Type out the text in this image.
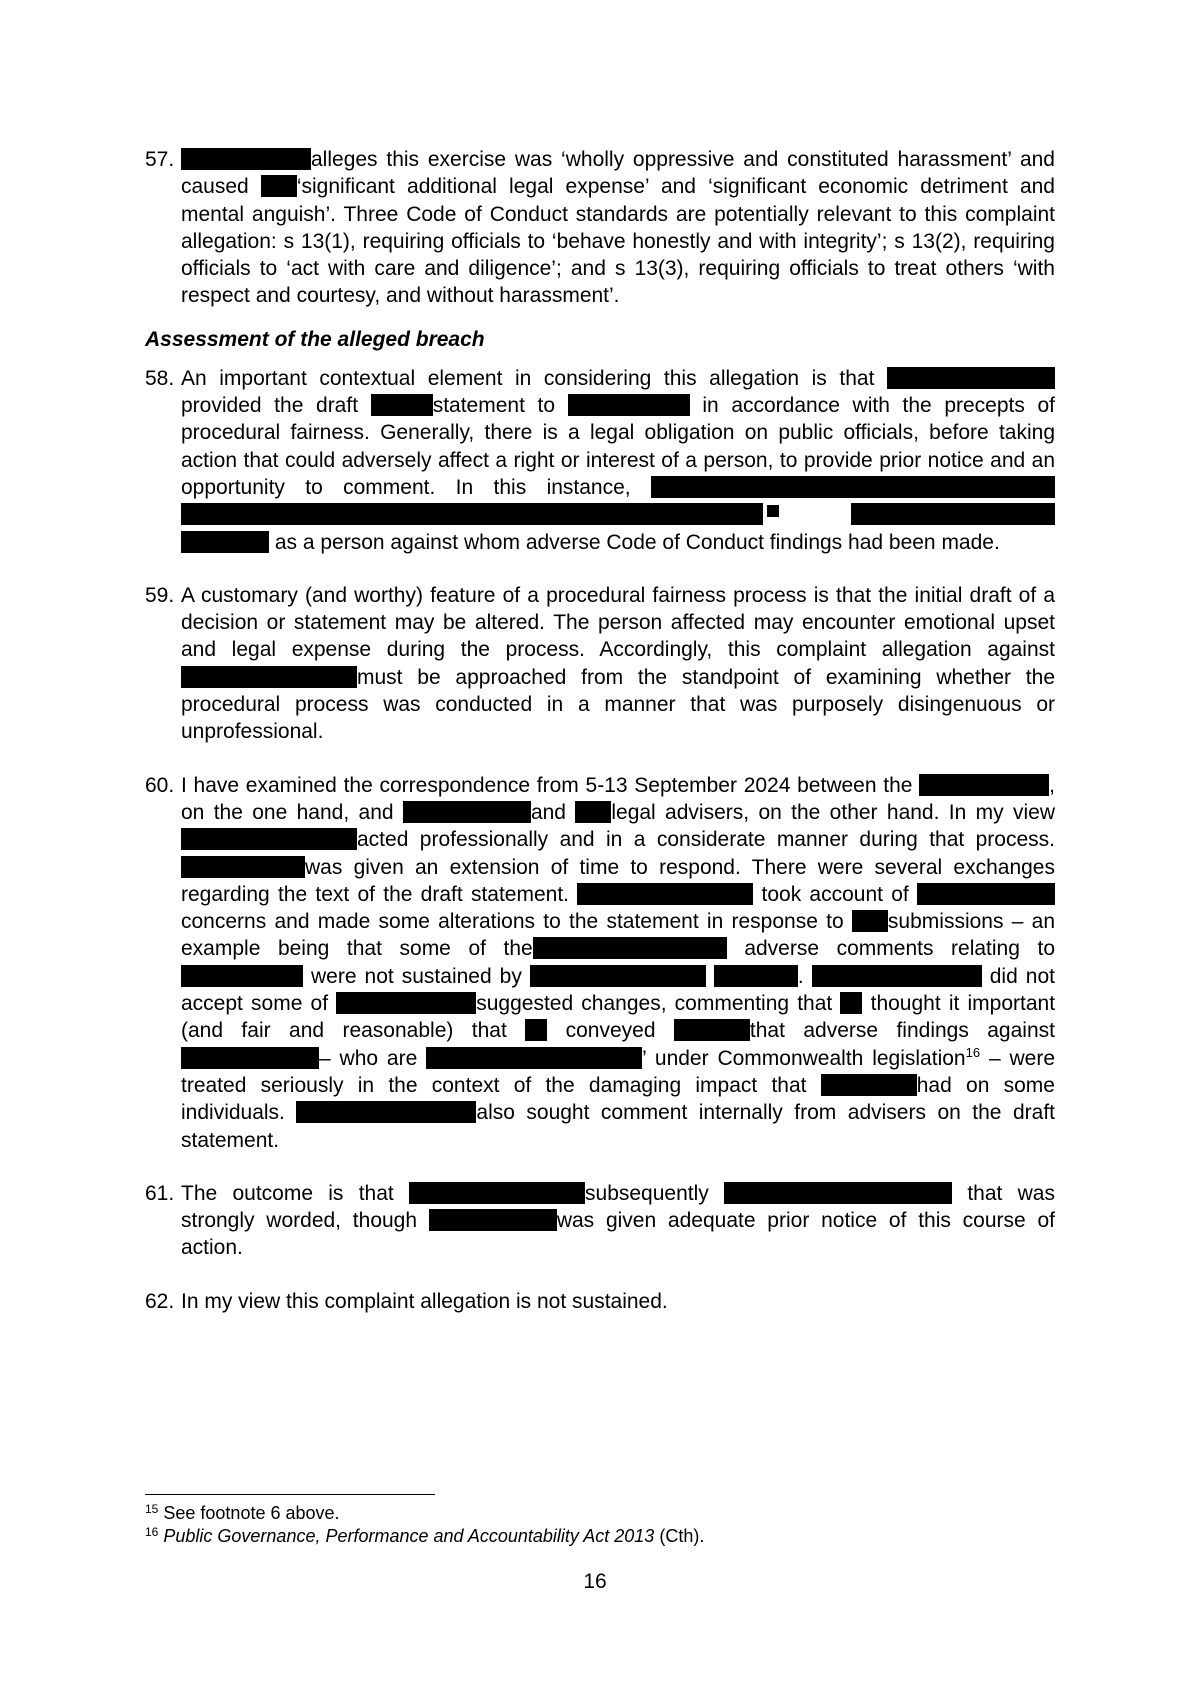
57.	alleges this exercise was ‘wholly oppressive and constituted harassment’ and caused ‘significant additional legal expense’ and ‘significant economic detriment and mental anguish’. Three Code of Conduct standards are potentially relevant to this complaint allegation: s 13(1), requiring officials to ‘behave honestly and with integrity’; s 13(2), requiring officials to ‘act with care and diligence’; and s 13(3), requiring officials to treat others ‘with respect and courtesy, and without harassment’.

Assessment of the alleged breach

58. An important contextual element in considering this allegation is that  provided the draft	statement to	in accordance with the precepts of procedural fairness. Generally, there is a legal obligation on public officials, before taking action that could adversely affect a right or interest of a person, to provide prior notice and an opportunity to comment. In this instance,     as a person against whom adverse Code of Conduct findings had been made.

59. A customary (and worthy) feature of a procedural fairness process is that the initial draft of a decision or statement may be altered. The person affected may encounter emotional upset and legal expense during the process. Accordingly, this complaint allegation against must be approached from the standpoint of examining whether the procedural process was conducted in a manner that was purposely disingenuous or unprofessional.

60. I have examined the correspondence from 5-13 September 2024 between the	, on the one hand, and	and legal advisers, on the other hand. In my view acted professionally and in a considerate manner during that process. was given an extension of time to respond. There were several exchanges regarding the text of the draft statement.	took account of  concerns and made some alterations to the statement in response to submissions – an example being that some of the	adverse comments relating to  were not sustained by	.	did not accept some of	suggested changes, commenting that thought it important (and fair and reasonable) that	conveyed	that adverse findings against – who are	’ under Commonwealth legislation$^{16}$ – were treated seriously in the context of the damaging impact that	had on some individuals.	also sought comment internally from advisers on the draft statement.

61. The outcome is that	subsequently	that was strongly worded, though	was given adequate prior notice of this course of action.

62. In my view this complaint allegation is not sustained.

$^{15}$ See footnote 6 above.
$^{16}$ Public Governance, Performance and Accountability Act 2013 (Cth).
16
